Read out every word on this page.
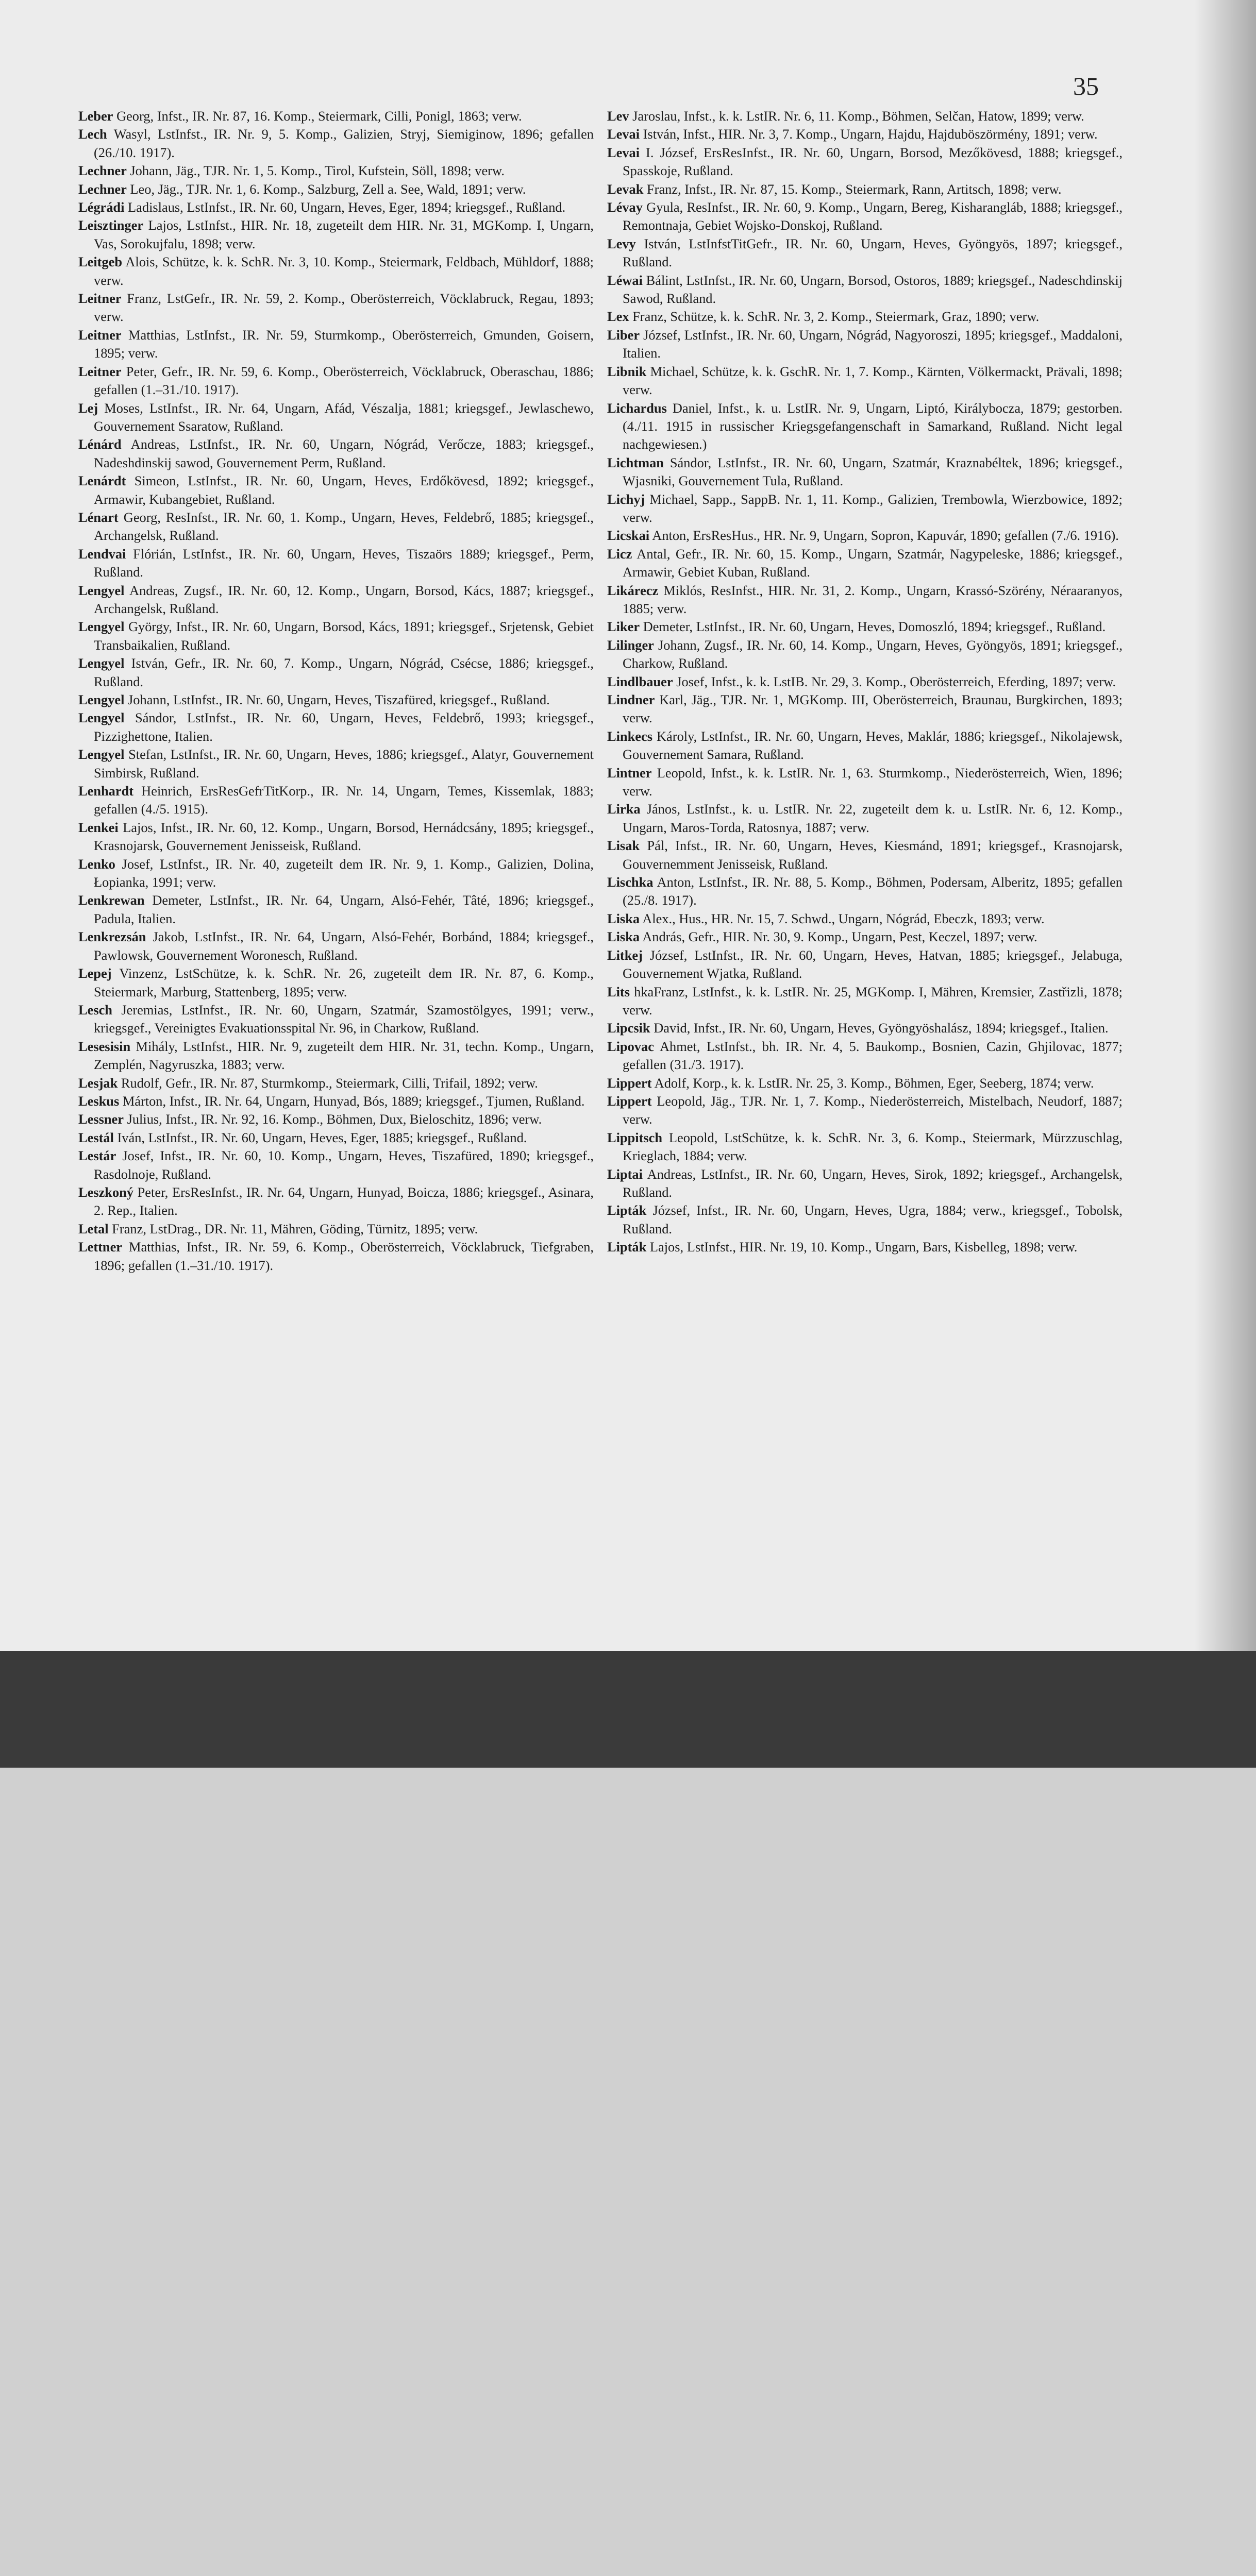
35

Leber Georg, Infst., IR. Nr. 87, 16. Komp., Steiermark, Cilli, Ponigl, 1863; verw.

Lech Wasyl, LstInfst., IR. Nr. 9, 5. Komp., Galizien, Stryj, Siemiginow, 1896; gefallen (26./10. 1917).

Lechner Johann, Jäg., TJR. Nr. 1, 5. Komp., Tirol, Kufstein, Söll, 1898; verw.

Lechner Leo, Jäg., TJR. Nr. 1, 6. Komp., Salzburg, Zell a. See, Wald, 1891; verw.

Légrádi Ladislaus, LstInfst., IR. Nr. 60, Ungarn, Heves, Eger, 1894; kriegsgef., Rußland.

Leisztinger Lajos, LstInfst., HIR. Nr. 18, zugeteilt dem HIR. Nr. 31, MGKomp. I, Ungarn, Vas, Sorokujfalu, 1898; verw.

Leitgeb Alois, Schütze, k. k. SchR. Nr. 3, 10. Komp., Steiermark, Feldbach, Mühldorf, 1888; verw.

Leitner Franz, LstGefr., IR. Nr. 59, 2. Komp., Oberösterreich, Vöcklabruck, Regau, 1893; verw.

Leitner Matthias, LstInfst., IR. Nr. 59, Sturmkomp., Oberösterreich, Gmunden, Goisern, 1895; verw.

Leitner Peter, Gefr., IR. Nr. 59, 6. Komp., Oberösterreich, Vöcklabruck, Oberaschau, 1886; gefallen (1.–31./10. 1917).

Lej Moses, LstInfst., IR. Nr. 64, Ungarn, Afád, Vészalja, 1881; kriegsgef., Jewlaschewo, Gouvernement Ssaratow, Rußland.

Lénárd Andreas, LstInfst., IR. Nr. 60, Ungarn, Nógrád, Verőcze, 1883; kriegsgef., Nadeshdinskij sawod, Gouvernement Perm, Rußland.

Lenárdt Simeon, LstInfst., IR. Nr. 60, Ungarn, Heves, Erdőkövesd, 1892; kriegsgef., Armawir, Kubangebiet, Rußland.

Lénart Georg, ResInfst., IR. Nr. 60, 1. Komp., Ungarn, Heves, Feldebrő, 1885; kriegsgef., Archangelsk, Rußland.

Lendvai Flórián, LstInfst., IR. Nr. 60, Ungarn, Heves, Tiszaörs 1889; kriegsgef., Perm, Rußland.

Lengyel Andreas, Zugsf., IR. Nr. 60, 12. Komp., Ungarn, Borsod, Kács, 1887; kriegsgef., Archangelsk, Rußland.

Lengyel György, Infst., IR. Nr. 60, Ungarn, Borsod, Kács, 1891; kriegsgef., Srjetensk, Gebiet Transbaikalien, Rußland.

Lengyel István, Gefr., IR. Nr. 60, 7. Komp., Ungarn, Nógrád, Csécse, 1886; kriegsgef., Rußland.

Lengyel Johann, LstInfst., IR. Nr. 60, Ungarn, Heves, Tiszafüred, kriegsgef., Rußland.

Lengyel Sándor, LstInfst., IR. Nr. 60, Ungarn, Heves, Feldebrő, 1993; kriegsgef., Pizzighettone, Italien.

Lengyel Stefan, LstInfst., IR. Nr. 60, Ungarn, Heves, 1886; kriegsgef., Alatyr, Gouvernement Simbirsk, Rußland.

Lenhardt Heinrich, ErsResGefrTitKorp., IR. Nr. 14, Ungarn, Temes, Kissemlak, 1883; gefallen (4./5. 1915).

Lenkei Lajos, Infst., IR. Nr. 60, 12. Komp., Ungarn, Borsod, Hernádcsány, 1895; kriegsgef., Krasnojarsk, Gouvernement Jenisseisk, Rußland.

Lenko Josef, LstInfst., IR. Nr. 40, zugeteilt dem IR. Nr. 9, 1. Komp., Galizien, Dolina, Łopianka, 1991; verw.

Lenkrewan Demeter, LstInfst., IR. Nr. 64, Ungarn, Alsó-Fehér, Tâté, 1896; kriegsgef., Padula, Italien.

Lenkrezsán Jakob, LstInfst., IR. Nr. 64, Ungarn, Alsó-Fehér, Borbánd, 1884; kriegsgef., Pawlowsk, Gouvernement Woronesch, Rußland.

Lepej Vinzenz, LstSchütze, k. k. SchR. Nr. 26, zugeteilt dem IR. Nr. 87, 6. Komp., Steiermark, Marburg, Stattenberg, 1895; verw.

Lesch Jeremias, LstInfst., IR. Nr. 60, Ungarn, Szatmár, Szamostölgyes, 1991; verw., kriegsgef., Vereinigtes Evakuationsspital Nr. 96, in Charkow, Rußland.

Lesesisin Mihály, LstInfst., HIR. Nr. 9, zugeteilt dem HIR. Nr. 31, techn. Komp., Ungarn, Zemplén, Nagyruszka, 1883; verw.

Lesjak Rudolf, Gefr., IR. Nr. 87, Sturmkomp., Steiermark, Cilli, Trifail, 1892; verw.

Leskus Márton, Infst., IR. Nr. 64, Ungarn, Hunyad, Bós, 1889; kriegsgef., Tjumen, Rußland.

Lessner Julius, Infst., IR. Nr. 92, 16. Komp., Böhmen, Dux, Bieloschitz, 1896; verw.

Lestál Iván, LstInfst., IR. Nr. 60, Ungarn, Heves, Eger, 1885; kriegsgef., Rußland.

Lestár Josef, Infst., IR. Nr. 60, 10. Komp., Ungarn, Heves, Tiszafüred, 1890; kriegsgef., Rasdolnoje, Rußland.

Leszkoný Peter, ErsResInfst., IR. Nr. 64, Ungarn, Hunyad, Boicza, 1886; kriegsgef., Asinara, 2. Rep., Italien.

Letal Franz, LstDrag., DR. Nr. 11, Mähren, Göding, Türnitz, 1895; verw.

Lettner Matthias, Infst., IR. Nr. 59, 6. Komp., Oberösterreich, Vöcklabruck, Tiefgraben, 1896; gefallen (1.–31./10. 1917).

Lev Jaroslau, Infst., k. k. LstIR. Nr. 6, 11. Komp., Böhmen, Selčan, Hatow, 1899; verw.

Levai István, Infst., HIR. Nr. 3, 7. Komp., Ungarn, Hajdu, Hajduböszörmény, 1891; verw.

Levai I. József, ErsResInfst., IR. Nr. 60, Ungarn, Borsod, Mezőkövesd, 1888; kriegsgef., Spasskoje, Rußland.

Levak Franz, Infst., IR. Nr. 87, 15. Komp., Steiermark, Rann, Artitsch, 1898; verw.

Lévay Gyula, ResInfst., IR. Nr. 60, 9. Komp., Ungarn, Bereg, Kisharangláb, 1888; kriegsgef., Remontnaja, Gebiet Wojsko-Donskoj, Rußland.

Levy István, LstInfstTitGefr., IR. Nr. 60, Ungarn, Heves, Gyöngyös, 1897; kriegsgef., Rußland.

Léwai Bálint, LstInfst., IR. Nr. 60, Ungarn, Borsod, Ostoros, 1889; kriegsgef., Nadeschdinskij Sawod, Rußland.

Lex Franz, Schütze, k. k. SchR. Nr. 3, 2. Komp., Steiermark, Graz, 1890; verw.

Liber József, LstInfst., IR. Nr. 60, Ungarn, Nógrád, Nagyoroszi, 1895; kriegsgef., Maddaloni, Italien.

Libnik Michael, Schütze, k. k. GschR. Nr. 1, 7. Komp., Kärnten, Völkermackt, Prävali, 1898; verw.

Lichardus Daniel, Infst., k. u. LstIR. Nr. 9, Ungarn, Liptó, Királybocza, 1879; gestorben. (4./11. 1915 in russischer Kriegsgefangenschaft in Samarkand, Rußland. Nicht legal nachgewiesen.)

Lichtman Sándor, LstInfst., IR. Nr. 60, Ungarn, Szatmár, Kraznabéltek, 1896; kriegsgef., Wjasniki, Gouvernement Tula, Rußland.

Lichyj Michael, Sapp., SappB. Nr. 1, 11. Komp., Galizien, Trembowla, Wierzbowice, 1892; verw.

Licskai Anton, ErsResHus., HR. Nr. 9, Ungarn, Sopron, Kapuvár, 1890; gefallen (7./6. 1916).

Licz Antal, Gefr., IR. Nr. 60, 15. Komp., Ungarn, Szatmár, Nagypeleske, 1886; kriegsgef., Armawir, Gebiet Kuban, Rußland.

Likárecz Miklós, ResInfst., HIR. Nr. 31, 2. Komp., Ungarn, Krassó-Szörény, Néraaranyos, 1885; verw.

Liker Demeter, LstInfst., IR. Nr. 60, Ungarn, Heves, Domoszló, 1894; kriegsgef., Rußland.

Lilinger Johann, Zugsf., IR. Nr. 60, 14. Komp., Ungarn, Heves, Gyöngyös, 1891; kriegsgef., Charkow, Rußland.

Lindlbauer Josef, Infst., k. k. LstIB. Nr. 29, 3. Komp., Oberösterreich, Eferding, 1897; verw.

Lindner Karl, Jäg., TJR. Nr. 1, MGKomp. III, Oberösterreich, Braunau, Burgkirchen, 1893; verw.

Linkecs Károly, LstInfst., IR. Nr. 60, Ungarn, Heves, Maklár, 1886; kriegsgef., Nikolajewsk, Gouvernement Samara, Rußland.

Lintner Leopold, Infst., k. k. LstIR. Nr. 1, 63. Sturmkomp., Niederösterreich, Wien, 1896; verw.

Lirka János, LstInfst., k. u. LstIR. Nr. 22, zugeteilt dem k. u. LstIR. Nr. 6, 12. Komp., Ungarn, Maros-Torda, Ratosnya, 1887; verw.

Lisak Pál, Infst., IR. Nr. 60, Ungarn, Heves, Kiesmánd, 1891; kriegsgef., Krasnojarsk, Gouvernemment Jenisseisk, Rußland.

Lischka Anton, LstInfst., IR. Nr. 88, 5. Komp., Böhmen, Podersam, Alberitz, 1895; gefallen (25./8. 1917).

Liska Alex., Hus., HR. Nr. 15, 7. Schwd., Ungarn, Nógrád, Ebeczk, 1893; verw.

Liska András, Gefr., HIR. Nr. 30, 9. Komp., Ungarn, Pest, Keczel, 1897; verw.

Litkej József, LstInfst., IR. Nr. 60, Ungarn, Heves, Hatvan, 1885; kriegsgef., Jelabuga, Gouvernement Wjatka, Rußland.

Lits hkaFranz, LstInfst., k. k. LstIR. Nr. 25, MGKomp. I, Mähren, Kremsier, Zastřizli, 1878; verw.

Lipcsik David, Infst., IR. Nr. 60, Ungarn, Heves, Gyöngyöshalász, 1894; kriegsgef., Italien.

Lipovac Ahmet, LstInfst., bh. IR. Nr. 4, 5. Baukomp., Bosnien, Cazin, Ghjilovac, 1877; gefallen (31./3. 1917).

Lippert Adolf, Korp., k. k. LstIR. Nr. 25, 3. Komp., Böhmen, Eger, Seeberg, 1874; verw.

Lippert Leopold, Jäg., TJR. Nr. 1, 7. Komp., Niederösterreich, Mistelbach, Neudorf, 1887; verw.

Lippitsch Leopold, LstSchütze, k. k. SchR. Nr. 3, 6. Komp., Steiermark, Mürzzuschlag, Krieglach, 1884; verw.

Liptai Andreas, LstInfst., IR. Nr. 60, Ungarn, Heves, Sirok, 1892; kriegsgef., Archangelsk, Rußland.

Lipták József, Infst., IR. Nr. 60, Ungarn, Heves, Ugra, 1884; verw., kriegsgef., Tobolsk, Rußland.

Lipták Lajos, LstInfst., HIR. Nr. 19, 10. Komp., Ungarn, Bars, Kisbelleg, 1898; verw.
